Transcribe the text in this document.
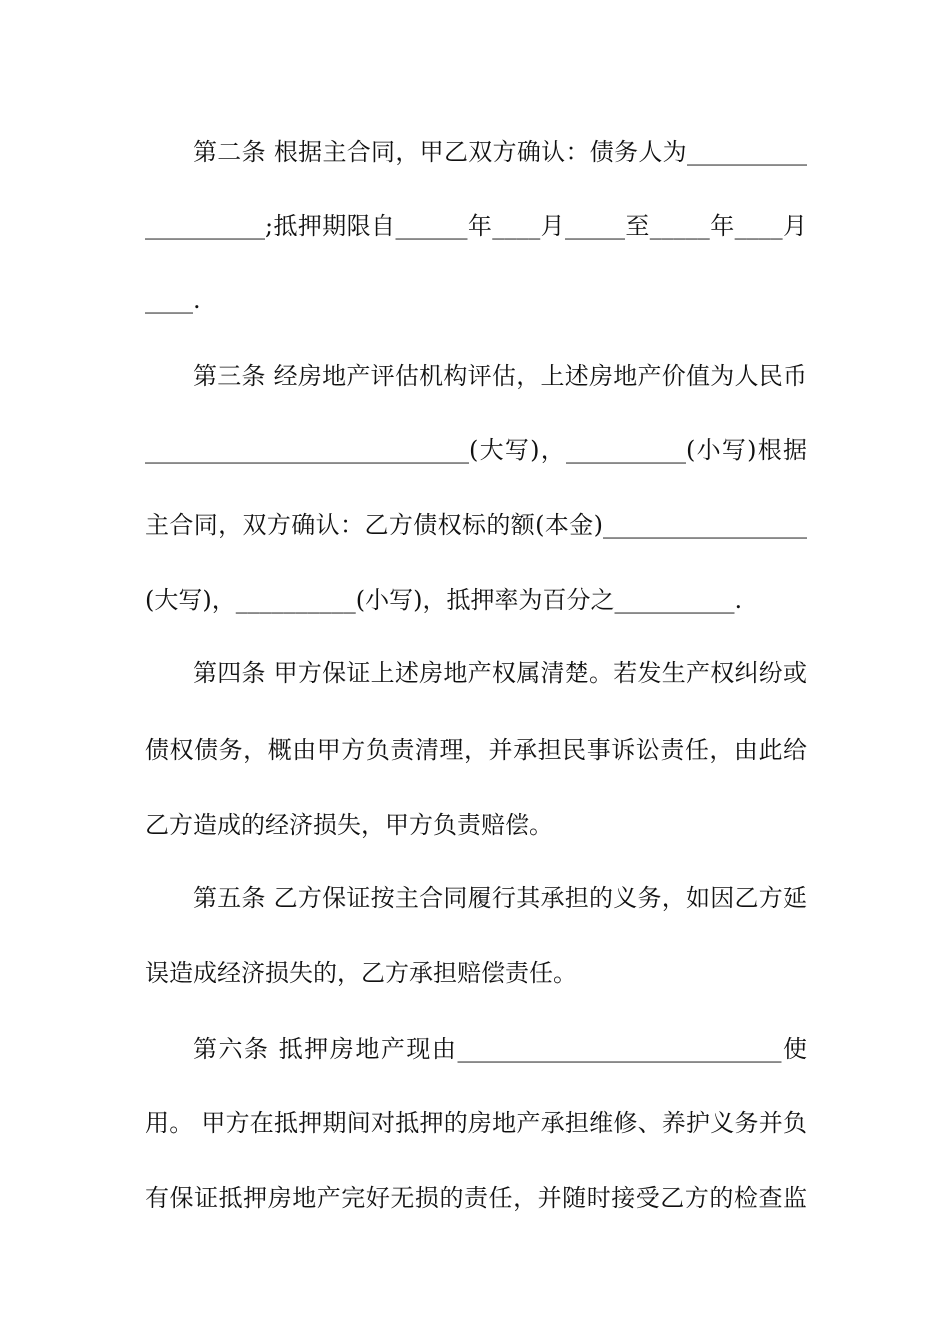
第二条 根据主合同，甲乙双方确认：债务人为__________
__________;抵押期限自______年____月_____至_____年____月
____.
第三条 经房地产评估机构评估，上述房地产价值为人民币
___________________________(大写)，__________(小写)根据
主合同，双方确认：乙方债权标的额(本金)_________________
(大写)，__________(小写)，抵押率为百分之__________.
第四条 甲方保证上述房地产权属清楚。若发生产权纠纷或
债权债务，概由甲方负责清理，并承担民事诉讼责任，由此给
乙方造成的经济损失，甲方负责赔偿。
第五条 乙方保证按主合同履行其承担的义务，如因乙方延
误造成经济损失的，乙方承担赔偿责任。
第六条 抵押房地产现由___________________________使
用。 甲方在抵押期间对抵押的房地产承担维修、养护义务并负
有保证抵押房地产完好无损的责任，并随时接受乙方的检查监
